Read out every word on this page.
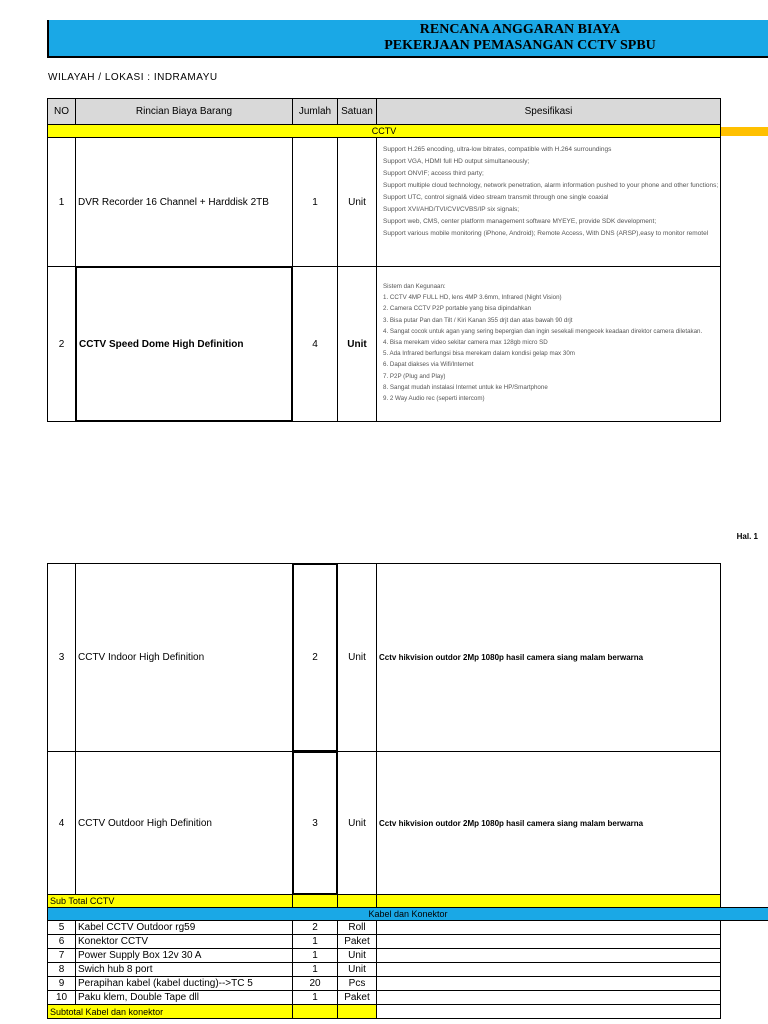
RENCANA ANGGARAN BIAYA
PEKERJAAN PEMASANGAN CCTV SPBU
WILAYAH / LOKASI : INDRAMAYU
NO	Rincian Biaya Barang	Jumlah	Satuan	Spesifikasi
CCTV
1	DVR Recorder 16 Channel + Harddisk 2TB	1	Unit
Support H.265 encoding, ultra-low bitrates, compatible with H.264 surroundings
Support VGA, HDMI full HD output simultaneously;
Support ONVIF; access third party;
Support multiple cloud technology, network penetration, alarm information pushed to your phone and other functions;
Support UTC, control signal& video stream transmit through one single coaxial
Support XVI/AHD/TVI/CVI/CVBS/IP six signals;
Support web, CMS, center platform management software MYEYE, provide SDK development;
Support various mobile monitoring (iPhone, Android); Remote Access, With DNS (ARSP),easy to monitor remotel
2	CCTV Speed Dome High Definition	4	Unit
Sistem dan Kegunaan:
1. CCTV 4MP FULL HD, lens 4MP 3.6mm, Infrared (Night Vision)
2. Camera CCTV P2P portable yang bisa dipindahkan
3. Bisa putar Pan dan Tilt / Kiri Kanan 355 drjt dan atas bawah 90 drjt
4. Sangat cocok untuk agan yang sering bepergian dan ingin sesekali mengecek keadaan direktor camera diletakan.
4. Bisa merekam video sekitar camera max 128gb micro SD
5. Ada Infrared berfungsi bisa merekam dalam kondisi gelap max 30m
6. Dapat diakses via Wifi/Internet
7. P2P (Plug and Play)
8. Sangat mudah instalasi Internet untuk ke HP/Smartphone
9. 2 Way Audio rec (seperti intercom)
Hal. 1
3	CCTV Indoor High Definition	2	Unit	Cctv hikvision outdor 2Mp 1080p hasil camera siang malam berwarna
4	CCTV Outdoor High Definition	3	Unit	Cctv hikvision outdor 2Mp 1080p hasil camera siang malam berwarna
Sub Total CCTV
Kabel dan Konektor
5	Kabel CCTV Outdoor rg59	2	Roll
6	Konektor CCTV	1	Paket
7	Power Supply Box 12v 30 A	1	Unit
8	Swich hub 8 port	1	Unit
9	Perapihan kabel (kabel ducting)-->TC 5	20	Pcs
10	Paku klem, Double Tape dll	1	Paket
Subtotal Kabel dan konektor
